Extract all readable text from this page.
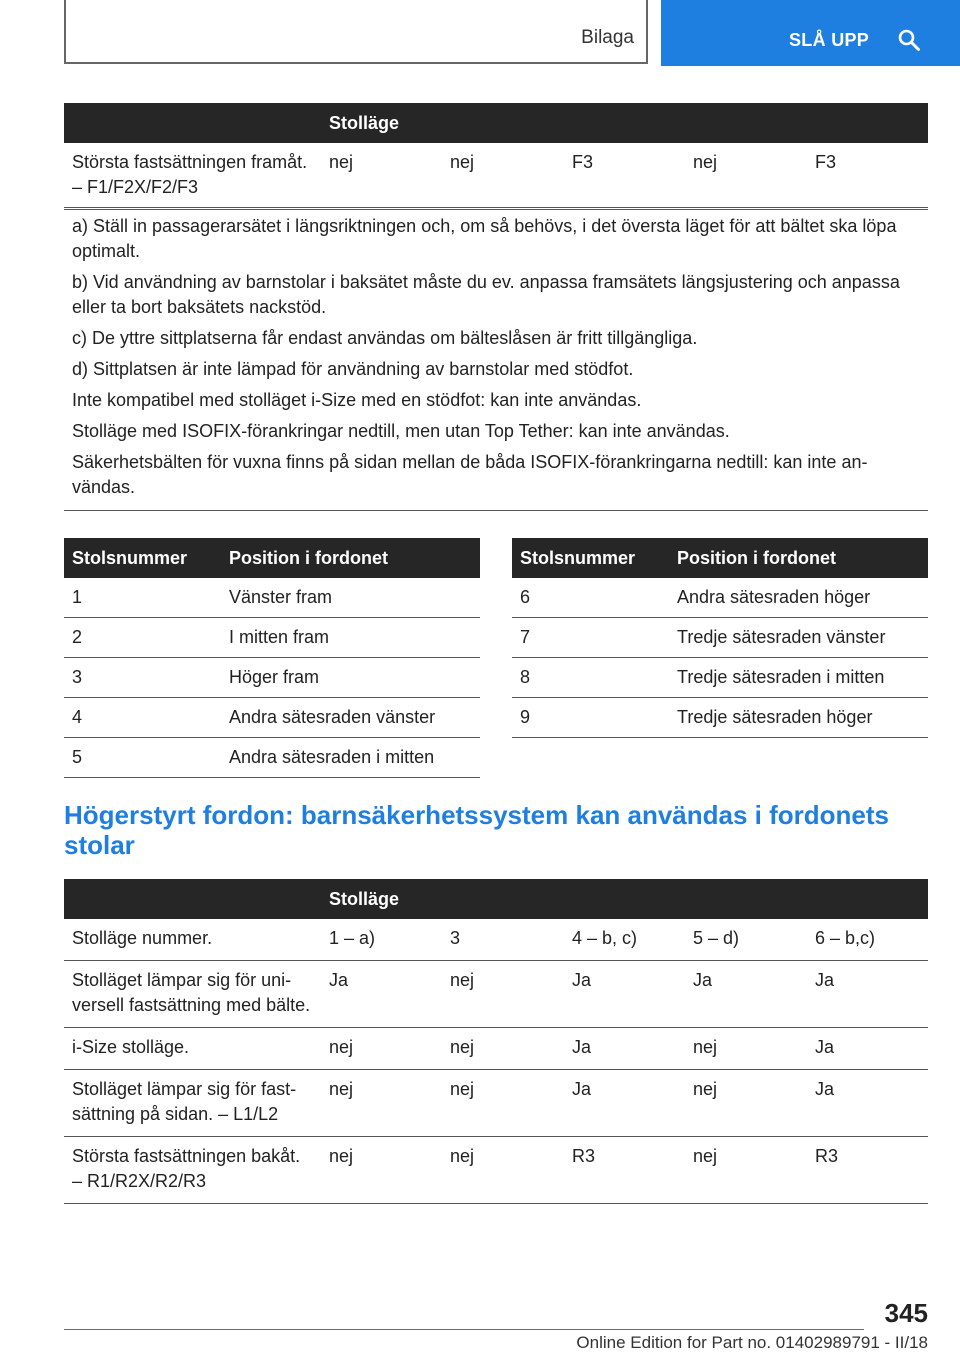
Bilaga	SLÅ UPP
	Stolläge				
Största fastsättningen framåt. – F1/F2X/F2/F3	nej	nej	F3	nej	F3

a) Ställ in passagerarsätet i längsriktningen och, om så behövs, i det översta läget för att bältet ska löpa optimalt.

b) Vid användning av barnstolar i baksätet måste du ev. anpassa framsätets längsjustering och anpassa eller ta bort baksätets nackstöd.

c) De yttre sittplatserna får endast användas om bälteslåsen är fritt tillgängliga.

d) Sittplatsen är inte lämpad för användning av barnstolar med stödfot.

Inte kompatibel med stolläget i-Size med en stödfot: kan inte användas.

Stolläge med ISOFIX-förankringar nedtill, men utan Top Tether: kan inte användas.

Säkerhetsbälten för vuxna finns på sidan mellan de båda ISOFIX-förankringarna nedtill: kan inte användas.

Stolsnummer	Position i fordonet
1	Vänster fram
2	I mitten fram
3	Höger fram
4	Andra sätesraden vänster
5	Andra sätesraden i mitten
Stolsnummer	Position i fordonet
6	Andra sätesraden höger
7	Tredje sätesraden vänster
8	Tredje sätesraden i mitten
9	Tredje sätesraden höger
Högerstyrt fordon: barnsäkerhetssystem kan användas i fordonets stolar
	Stolläge				
Stolläge nummer.	1 – a)	3	4 – b, c)	5 – d)	6 – b,c)
Stolläget lämpar sig för universell fastsättning med bälte.	Ja	nej	Ja	Ja	Ja
i-Size stolläge.	nej	nej	Ja	nej	Ja
Stolläget lämpar sig för fastsättning på sidan. – L1/L2	nej	nej	Ja	nej	Ja
Största fastsättningen bakåt. – R1/R2X/R2/R3	nej	nej	R3	nej	R3
345
Online Edition for Part no. 01402989791 - II/18
